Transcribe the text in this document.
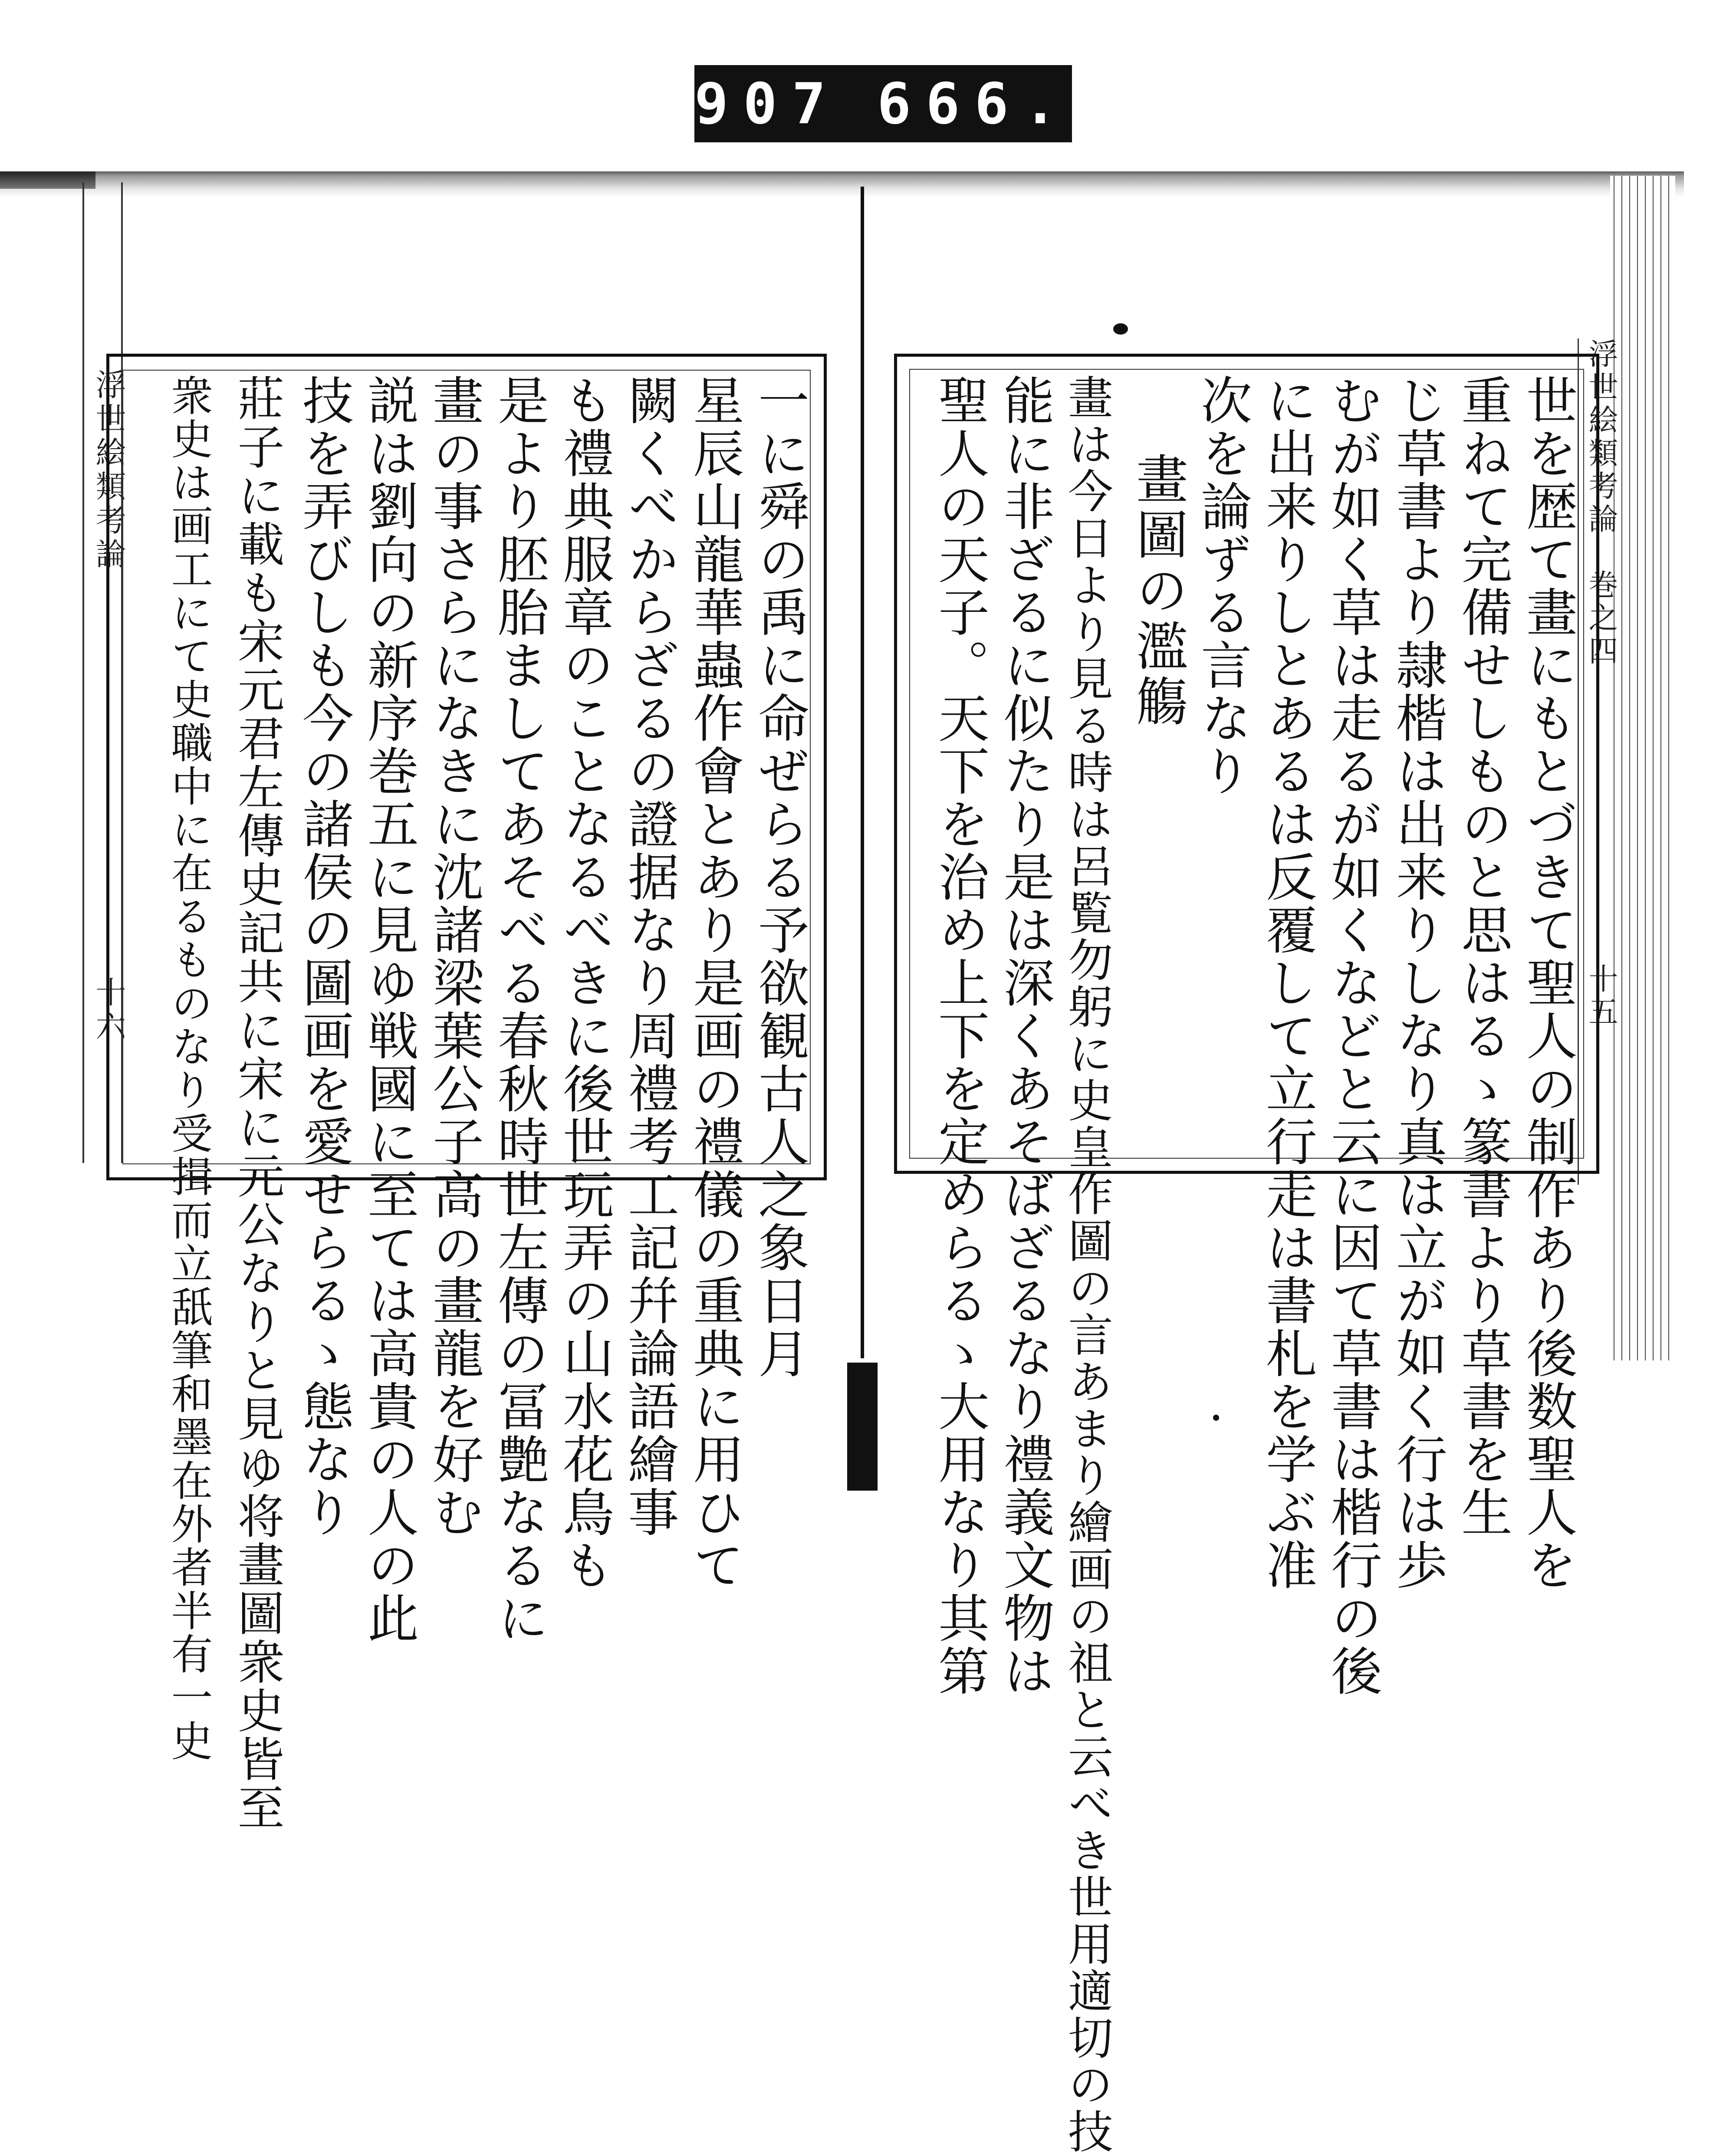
907 666.
浮世絵類考論
十六
浮世絵類考論　巻之四
十五
一に舜の禹に命ぜらる予欲観古人之象日月
星辰山龍華蟲作會とあり是画の禮儀の重典に用ひて
闕くべからざるの證据なり周禮考工記幷論語繪事
も禮典服章のことなるべきに後世玩弄の山水花鳥も
是より胚胎ましてあそべる春秋時世左傳の冨艶なるに
畫の事さらになきに沈諸梁葉公子高の畫龍を好む
説は劉向の新序巻五に見ゆ戦國に至ては高貴の人の此
技を弄びしも今の諸侯の圖画を愛せらるゝ態なり
莊子に載も宋元君左傳史記共に宋に元公なりと見ゆ将畫圖衆史皆至
衆史は画工にて史職中に在るものなり受揖而立舐筆和墨在外者半有一史	世を歴て畫にもとづきて聖人の制作あり後数聖人を
重ねて完備せしものと思はるゝ篆書より草書を生
じ草書より隷楷は出来りしなり真は立が如く行は歩
むが如く草は走るが如くなどと云に因て草書は楷行の後
に出来りしとあるは反覆して立行走は書札を学ぶ准
次を論ずる言なり
畫圖の濫觴
畫は今日より見る時は呂覧勿躬に史皇作圖の言あまり繪画の祖と云べき世用適切の技
能に非ざるに似たり是は深くあそばざるなり禮義文物は
聖人の天子。天下を治め上下を定めらるゝ大用なり其第
